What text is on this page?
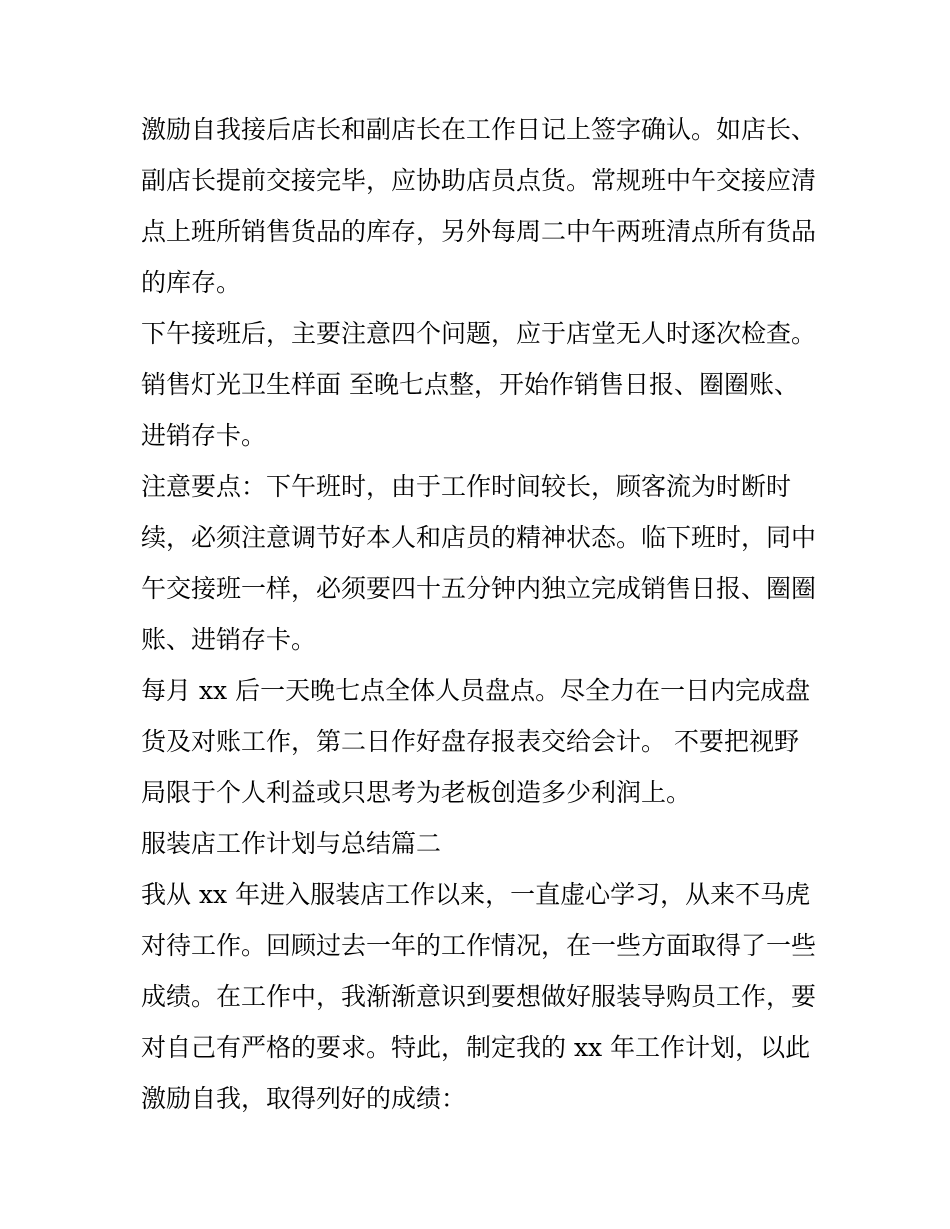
激励自我接后店长和副店长在工作日记上签字确认。如店长、
副店长提前交接完毕，应协助店员点货。常规班中午交接应清
点上班所销售货品的库存，另外每周二中午两班清点所有货品
的库存。
下午接班后，主要注意四个问题，应于店堂无人时逐次检查。
销售灯光卫生样面 至晚七点整，开始作销售日报、圈圈账、
进销存卡。
注意要点：下午班时，由于工作时间较长，顾客流为时断时
续，必须注意调节好本人和店员的精神状态。临下班时，同中
午交接班一样，必须要四十五分钟内独立完成销售日报、圈圈
账、进销存卡。
每月 xx 后一天晚七点全体人员盘点。尽全力在一日内完成盘
货及对账工作，第二日作好盘存报表交给会计。 不要把视野
局限于个人利益或只思考为老板创造多少利润上。
服装店工作计划与总结篇二
我从 xx 年进入服装店工作以来，一直虚心学习，从来不马虎
对待工作。回顾过去一年的工作情况，在一些方面取得了一些
成绩。在工作中，我渐渐意识到要想做好服装导购员工作，要
对自己有严格的要求。特此，制定我的 xx 年工作计划，以此
激励自我，取得列好的成绩：
